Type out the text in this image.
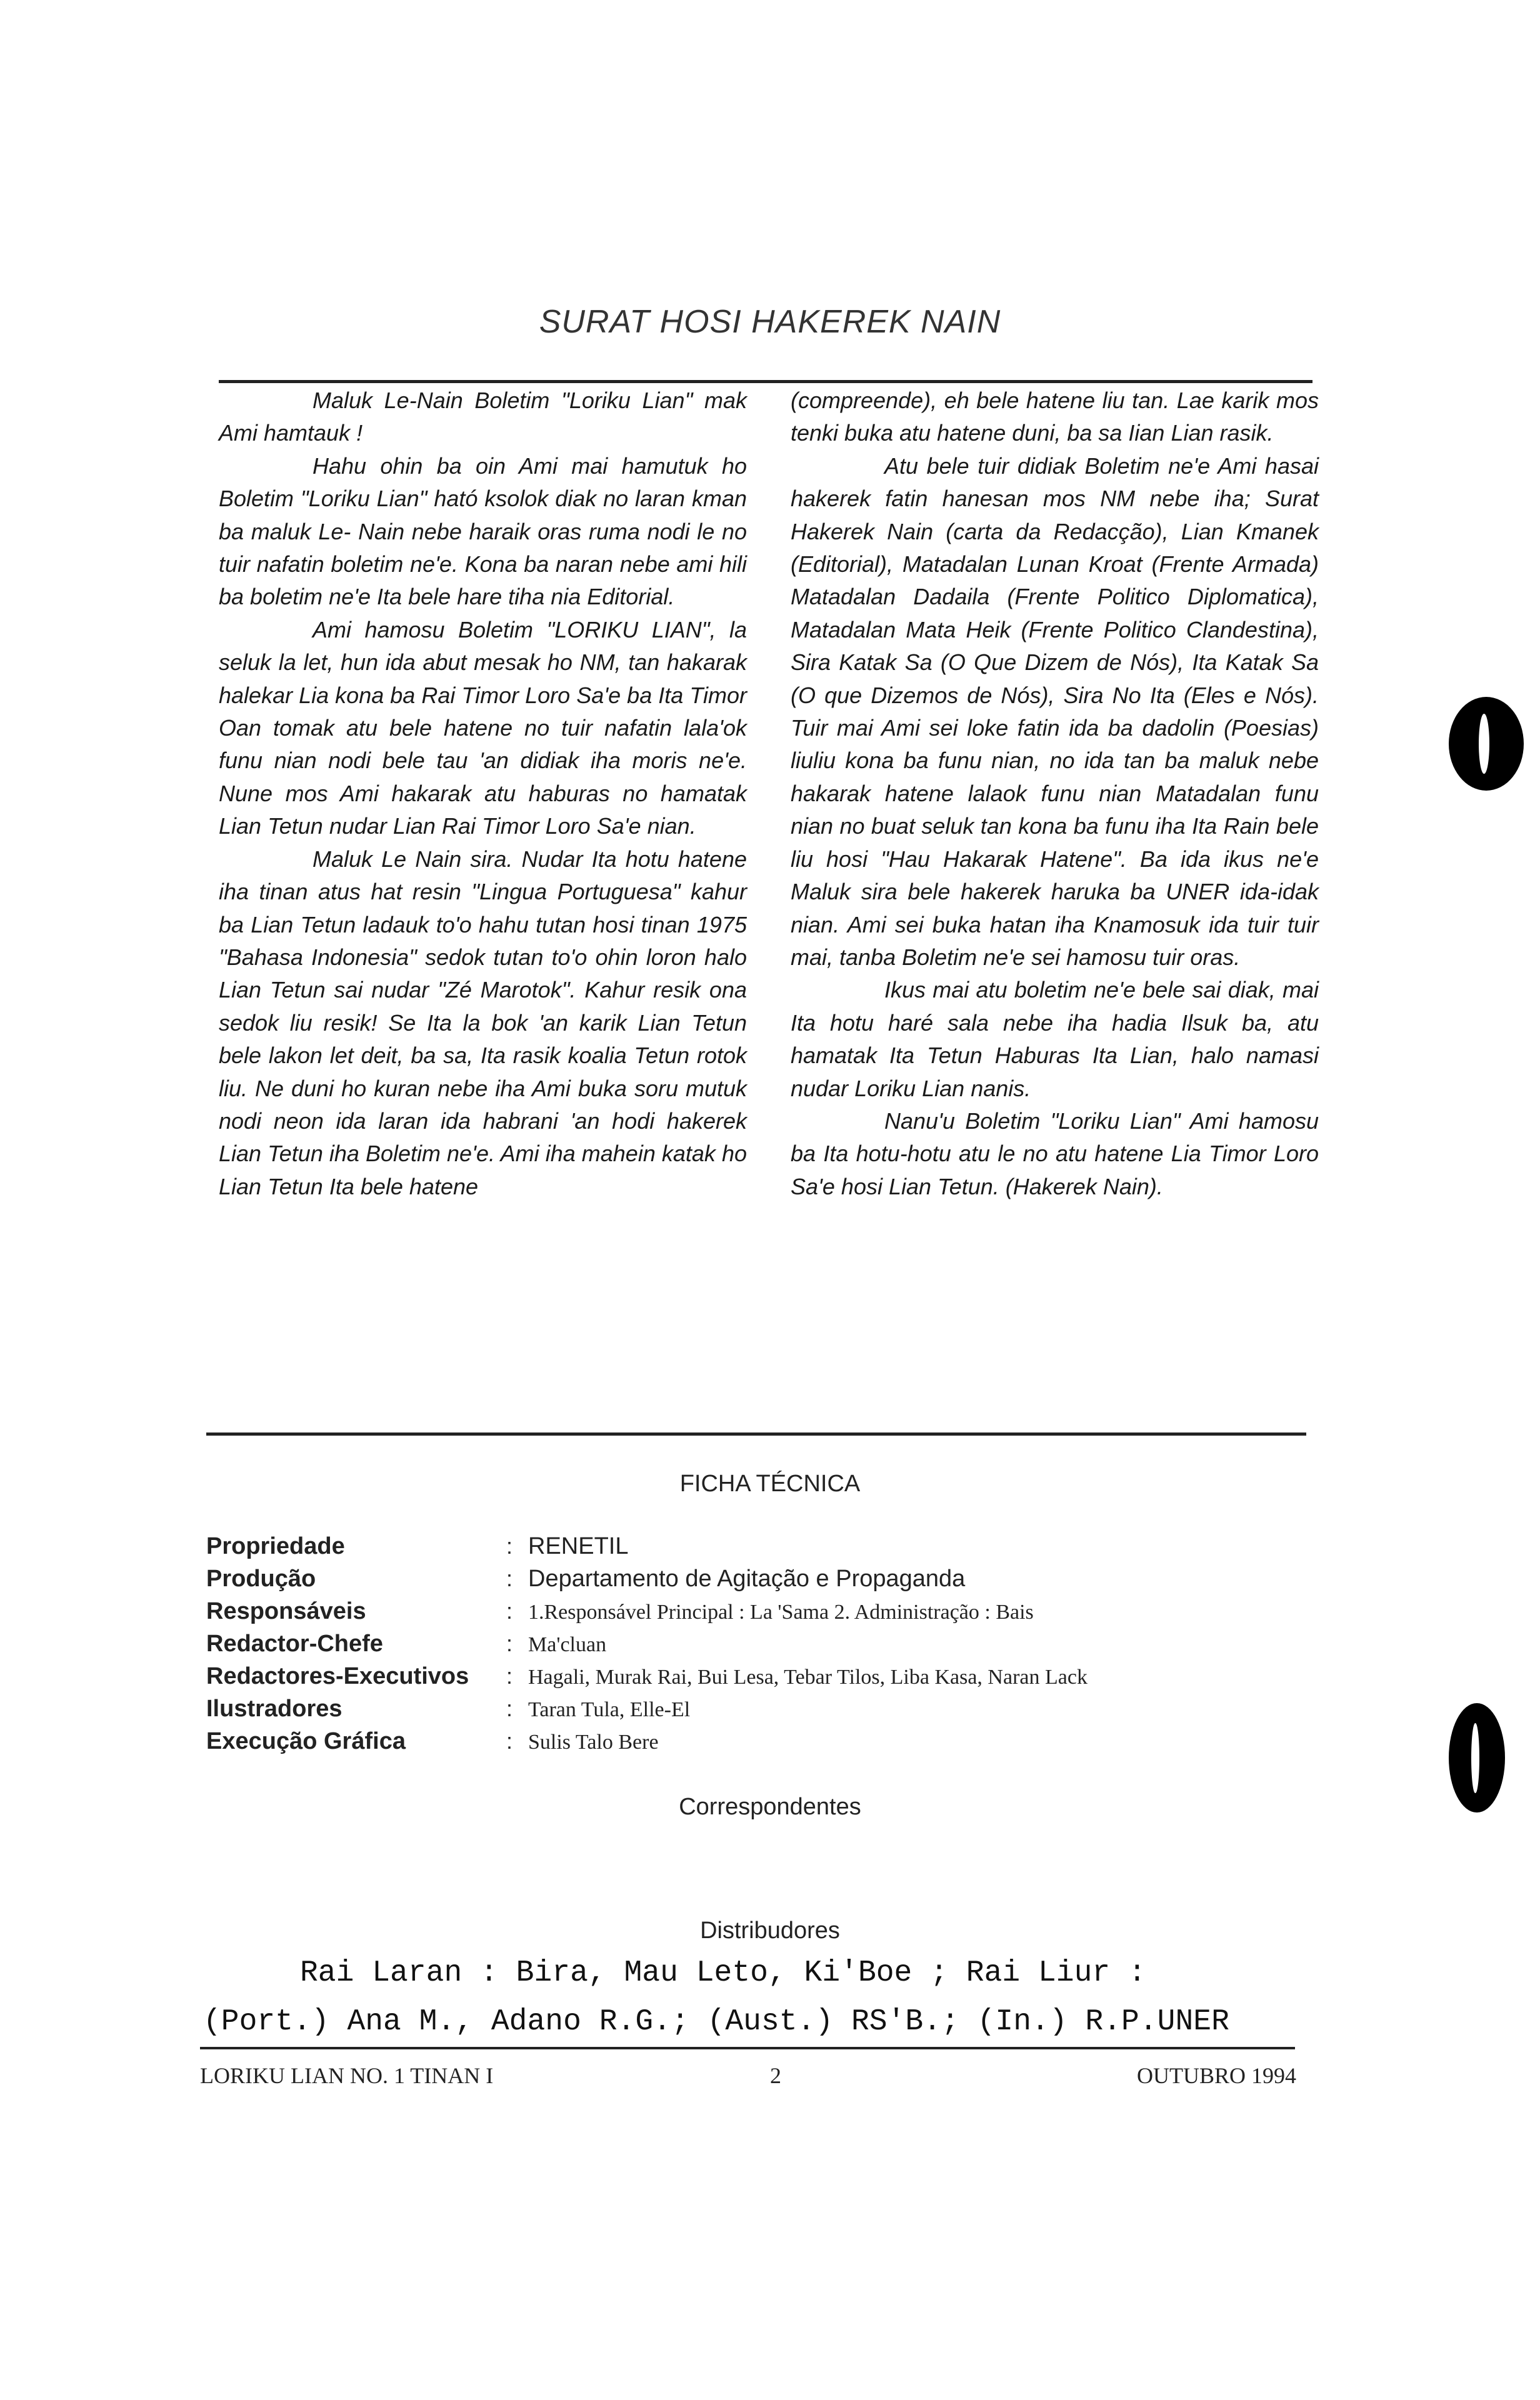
SURAT HOSI HAKEREK NAIN

Maluk Le-Nain Boletim "Loriku Lian" mak Ami hamtauk !

Hahu ohin ba oin Ami mai hamutuk ho Boletim "Loriku Lian" ható ksolok diak no laran kman ba maluk Le- Nain nebe haraik oras ruma nodi le no tuir nafatin boletim ne'e. Kona ba naran nebe ami hili ba boletim ne'e Ita bele hare tiha nia Editorial.

Ami hamosu Boletim "LORIKU LIAN", la seluk la let, hun ida abut mesak ho NM, tan hakarak halekar Lia kona ba Rai Timor Loro Sa'e ba Ita Timor Oan tomak atu bele hatene no tuir nafatin lala'ok funu nian nodi bele tau 'an didiak iha moris ne'e. Nune mos Ami hakarak atu haburas no hamatak Lian Tetun nudar Lian Rai Timor Loro Sa'e nian.

Maluk Le Nain sira. Nudar Ita hotu hatene iha tinan atus hat resin "Lingua Portuguesa" kahur ba Lian Tetun ladauk to'o hahu tutan hosi tinan 1975 "Bahasa Indonesia" sedok tutan to'o ohin loron halo Lian Tetun sai nudar "Zé Marotok". Kahur resik ona sedok liu resik! Se Ita la bok 'an karik Lian Tetun bele lakon let deit, ba sa, Ita rasik koalia Tetun rotok liu. Ne duni ho kuran nebe iha Ami buka soru mutuk nodi neon ida laran ida habrani 'an hodi hakerek Lian Tetun iha Boletim ne'e. Ami iha mahein katak ho Lian Tetun Ita bele hatene

(compreende), eh bele hatene liu tan. Lae karik mos tenki buka atu hatene duni, ba sa Iian Lian rasik.

Atu bele tuir didiak Boletim ne'e Ami hasai hakerek fatin hanesan mos NM nebe iha; Surat Hakerek Nain (carta da Redacção), Lian Kmanek (Editorial), Matadalan Lunan Kroat (Frente Armada) Matadalan Dadaila (Frente Politico Diplomatica), Matadalan Mata Heik (Frente Politico Clandestina), Sira Katak Sa (O Que Dizem de Nós), Ita Katak Sa (O que Dizemos de Nós), Sira No Ita (Eles e Nós). Tuir mai Ami sei loke fatin ida ba dadolin (Poesias) liuliu kona ba funu nian, no ida tan ba maluk nebe hakarak hatene lalaok funu nian Matadalan funu nian no buat seluk tan kona ba funu iha Ita Rain bele liu hosi "Hau Hakarak Hatene". Ba ida ikus ne'e Maluk sira bele hakerek haruka ba UNER ida-idak nian. Ami sei buka hatan iha Knamosuk ida tuir tuir mai, tanba Boletim ne'e sei hamosu tuir oras.

Ikus mai atu boletim ne'e bele sai diak, mai Ita hotu haré sala nebe iha hadia Ilsuk ba, atu hamatak Ita Tetun Haburas Ita Lian, halo namasi nudar Loriku Lian nanis.

Nanu'u Boletim "Loriku Lian" Ami hamosu ba Ita hotu-hotu atu le no atu hatene Lia Timor Loro Sa'e hosi Lian Tetun. (Hakerek Nain).

FICHA TÉCNICA
Propriedade	: RENETIL
Produção	: Departamento de Agitação e Propaganda
Responsáveis	: 1.Responsável Principal : La 'Sama 2. Administração : Bais
Redactor-Chefe	: Ma'cluan
Redactores-Executivos	: Hagali, Murak Rai, Bui Lesa, Tebar Tilos, Liba Kasa, Naran Lack
Ilustradores	: Taran Tula, Elle-El
Execução Gráfica	: Sulis Talo Bere
Correspondentes
Distribudores
Rai Laran : Bira, Mau Leto, Ki'Boe ; Rai Liur :
(Port.) Ana M., Adano R.G.; (Aust.) RS'B.; (In.) R.P.UNER
LORIKU LIAN NO. 1 TINAN I	2	OUTUBRO 1994
